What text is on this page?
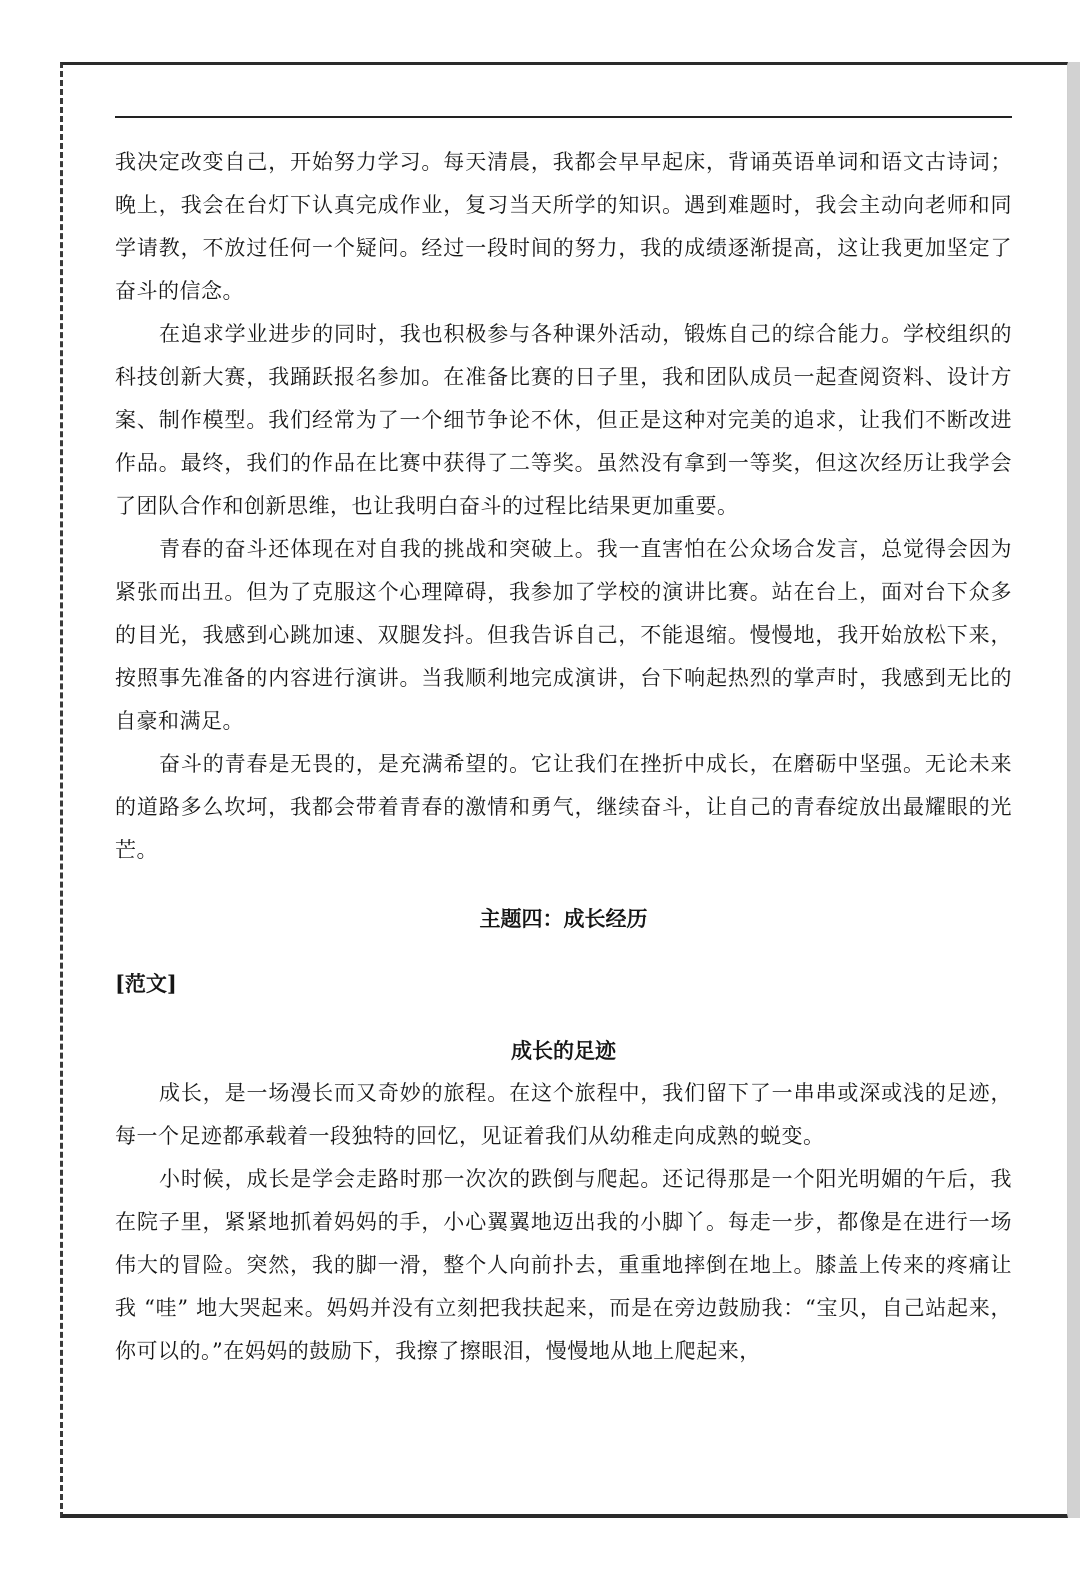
我决定改变自己，开始努力学习。每天清晨，我都会早早起床，背诵英语单词和语文古诗词；晚上，我会在台灯下认真完成作业，复习当天所学的知识。遇到难题时，我会主动向老师和同学请教，不放过任何一个疑问。经过一段时间的努力，我的成绩逐渐提高，这让我更加坚定了奋斗的信念。

在追求学业进步的同时，我也积极参与各种课外活动，锻炼自己的综合能力。学校组织的科技创新大赛，我踊跃报名参加。在准备比赛的日子里，我和团队成员一起查阅资料、设计方案、制作模型。我们经常为了一个细节争论不休，但正是这种对完美的追求，让我们不断改进作品。最终，我们的作品在比赛中获得了二等奖。虽然没有拿到一等奖，但这次经历让我学会了团队合作和创新思维，也让我明白奋斗的过程比结果更加重要。

青春的奋斗还体现在对自我的挑战和突破上。我一直害怕在公众场合发言，总觉得会因为紧张而出丑。但为了克服这个心理障碍，我参加了学校的演讲比赛。站在台上，面对台下众多的目光，我感到心跳加速、双腿发抖。但我告诉自己，不能退缩。慢慢地，我开始放松下来，按照事先准备的内容进行演讲。当我顺利地完成演讲，台下响起热烈的掌声时，我感到无比的自豪和满足。

奋斗的青春是无畏的，是充满希望的。它让我们在挫折中成长，在磨砺中坚强。无论未来的道路多么坎坷，我都会带着青春的激情和勇气，继续奋斗，让自己的青春绽放出最耀眼的光芒。

主题四：成长经历

[范文]

成长的足迹

成长，是一场漫长而又奇妙的旅程。在这个旅程中，我们留下了一串串或深或浅的足迹，每一个足迹都承载着一段独特的回忆，见证着我们从幼稚走向成熟的蜕变。

小时候，成长是学会走路时那一次次的跌倒与爬起。还记得那是一个阳光明媚的午后，我在院子里，紧紧地抓着妈妈的手，小心翼翼地迈出我的小脚丫。每走一步，都像是在进行一场伟大的冒险。突然，我的脚一滑，整个人向前扑去，重重地摔倒在地上。膝盖上传来的疼痛让我 “哇” 地大哭起来。妈妈并没有立刻把我扶起来，而是在旁边鼓励我：“宝贝，自己站起来，你可以的。”在妈妈的鼓励下，我擦了擦眼泪，慢慢地从地上爬起来，
